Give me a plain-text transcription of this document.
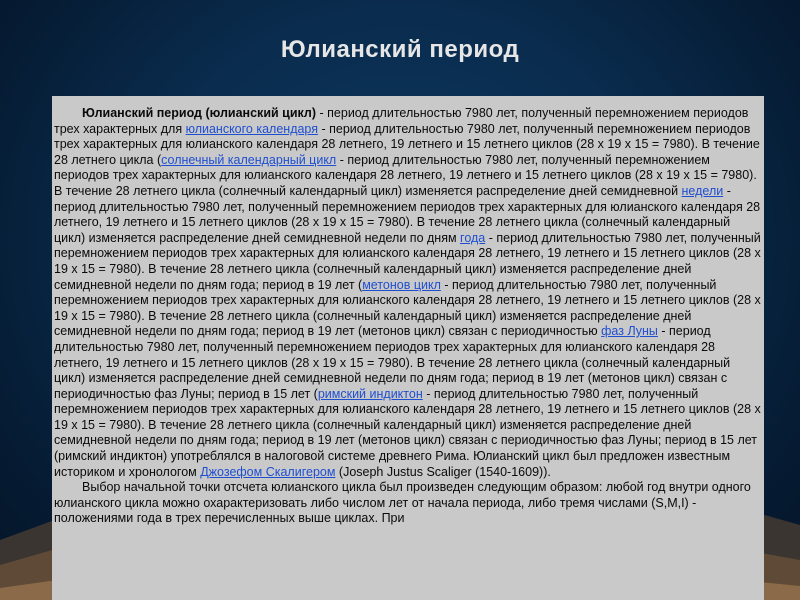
Юлианский период

Юлианский период (юлианский цикл) - период длительностью 7980 лет, полученный перемножением периодов трех характерных для юлианского календаря - период длительностью 7980 лет, полученный перемножением периодов трех характерных для юлианского календаря 28 летнего, 19 летнего и 15 летнего циклов (28 x 19 x 15 = 7980). В течение 28 летнего цикла (солнечный календарный цикл - период длительностью 7980 лет, полученный перемножением периодов трех характерных для юлианского календаря 28 летнего, 19 летнего и 15 летнего циклов (28 x 19 x 15 = 7980). В течение 28 летнего цикла (солнечный календарный цикл) изменяется распределение дней семидневной недели - период длительностью 7980 лет, полученный перемножением периодов трех характерных для юлианского календаря 28 летнего, 19 летнего и 15 летнего циклов (28 x 19 x 15 = 7980). В течение 28 летнего цикла (солнечный календарный цикл) изменяется распределение дней семидневной недели по дням года - период длительностью 7980 лет, полученный перемножением периодов трех характерных для юлианского календаря 28 летнего, 19 летнего и 15 летнего циклов (28 x 19 x 15 = 7980). В течение 28 летнего цикла (солнечный календарный цикл) изменяется распределение дней семидневной недели по дням года; период в 19 лет (метонов цикл - период длительностью 7980 лет, полученный перемножением периодов трех характерных для юлианского календаря 28 летнего, 19 летнего и 15 летнего циклов (28 x 19 x 15 = 7980). В течение 28 летнего цикла (солнечный календарный цикл) изменяется распределение дней семидневной недели по дням года; период в 19 лет (метонов цикл) связан с периодичностью фаз Луны - период длительностью 7980 лет, полученный перемножением периодов трех характерных для юлианского календаря 28 летнего, 19 летнего и 15 летнего циклов (28 x 19 x 15 = 7980). В течение 28 летнего цикла (солнечный календарный цикл) изменяется распределение дней семидневной недели по дням года; период в 19 лет (метонов цикл) связан с периодичностью фаз Луны; период в 15 лет (римский индиктон - период длительностью 7980 лет, полученный перемножением периодов трех характерных для юлианского календаря 28 летнего, 19 летнего и 15 летнего циклов (28 x 19 x 15 = 7980). В течение 28 летнего цикла (солнечный календарный цикл) изменяется распределение дней семидневной недели по дням года; период в 19 лет (метонов цикл) связан с периодичностью фаз Луны; период в 15 лет (римский индиктон) употреблялся в налоговой системе древнего Рима. Юлианский цикл был предложен известным историком и хронологом Джозефом Скалигером (Joseph Justus Scaliger (1540-1609)).

Выбор начальной точки отсчета юлианского цикла был произведен следующим образом: любой год внутри одного юлианского цикла можно охарактеризовать либо числом лет от начала периода, либо тремя числами (S,M,I) - положениями года в трех перечисленных выше циклах. При
